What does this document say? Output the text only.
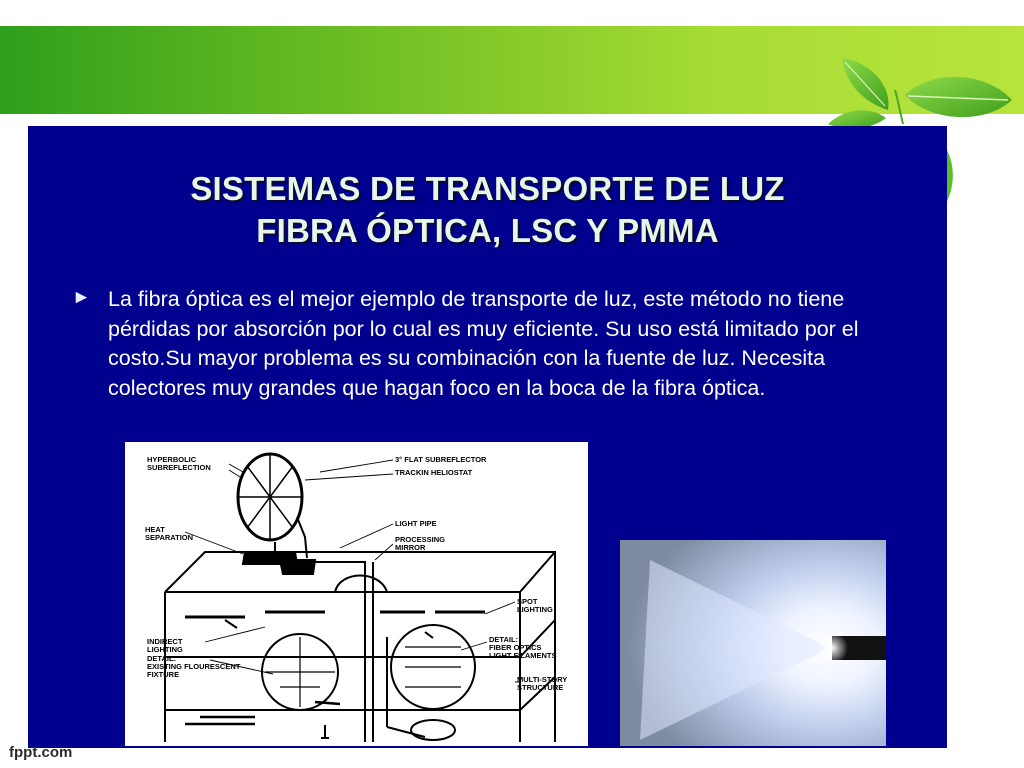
SISTEMAS DE TRANSPORTE DE LUZ
FIBRA ÓPTICA, LSC Y PMMA
► La fibra óptica es el mejor ejemplo de transporte de luz, este método no tiene pérdidas por absorción por lo cual es muy eficiente. Su uso está limitado por el costo.Su mayor problema es su combinación con la fuente de luz. Necesita colectores muy grandes que hagan foco en la boca de la fibra óptica.
HYPERBOLIC
SUBREFLECTION
3° FLAT SUBREFLECTOR
TRACKIN HELIOSTAT
HEAT
SEPARATION
LIGHT PIPE
PROCESSING
MIRROR
SPOT
LIGHTING
INDIRECT
LIGHTING
DETAIL:
EXISTING FLOURESCENT
FIXTURE
DETAIL:
FIBER OPTICS
LIGHT FILAMENTS
MULTI-STORY
STRUCTURE
fppt.com
